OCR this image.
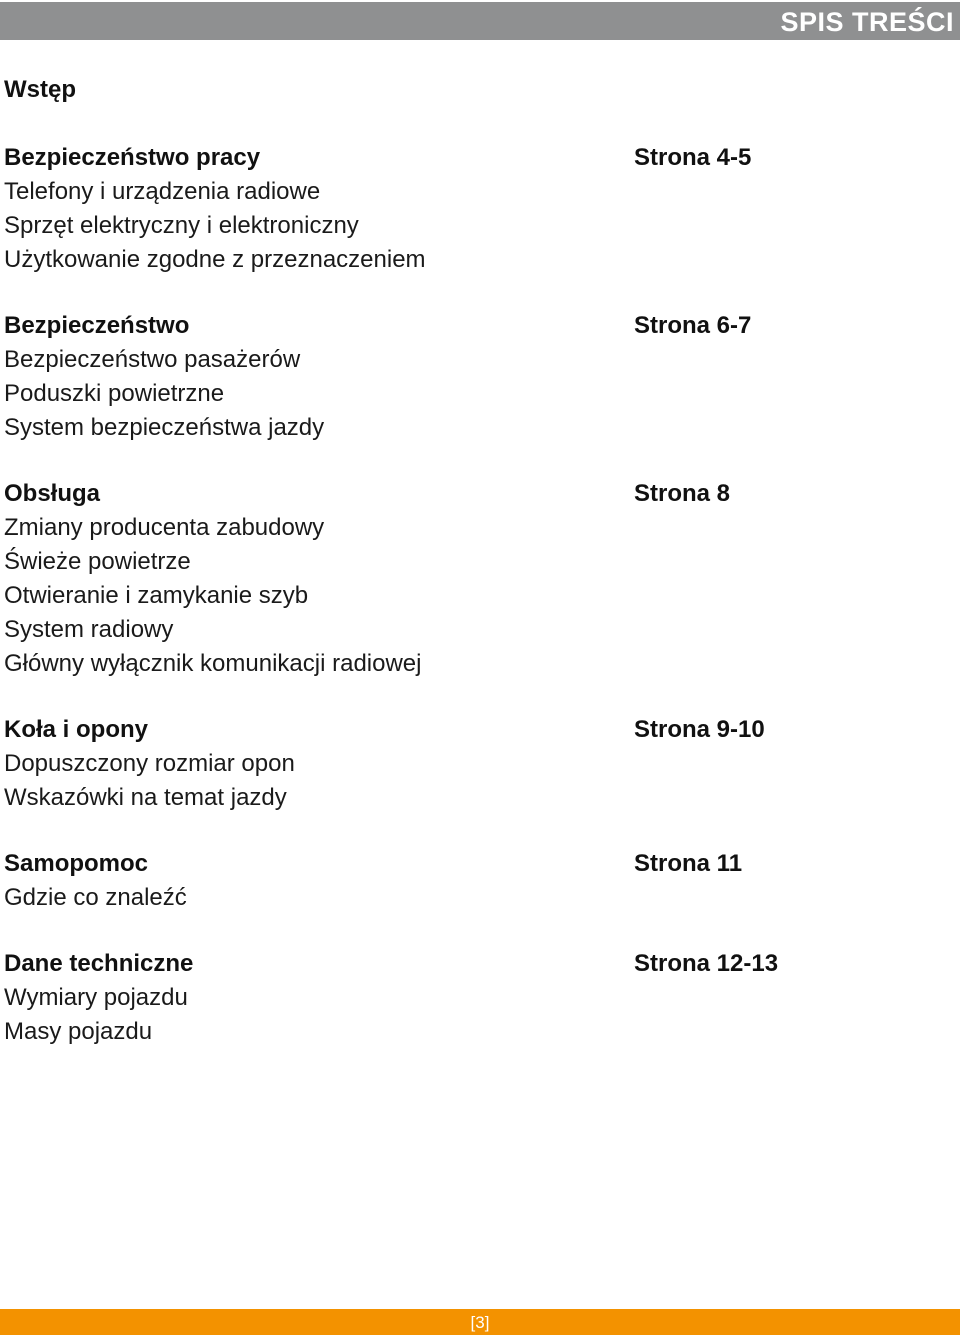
SPIS TREŚCI
Wstęp
Bezpieczeństwo pracy	Strona 4-5
Telefony i urządzenia radiowe
Sprzęt elektryczny i elektroniczny
Użytkowanie zgodne z przeznaczeniem
Bezpieczeństwo	Strona 6-7
Bezpieczeństwo pasażerów
Poduszki powietrzne
System bezpieczeństwa jazdy
Obsługa	Strona 8
Zmiany producenta zabudowy
Świeże powietrze
Otwieranie i zamykanie szyb
System radiowy
Główny wyłącznik komunikacji radiowej
Koła i opony	Strona 9-10
Dopuszczony rozmiar opon
Wskazówki na temat jazdy
Samopomoc	Strona 11
Gdzie co znaleźć
Dane techniczne	Strona 12-13
Wymiary pojazdu
Masy pojazdu
[3]
